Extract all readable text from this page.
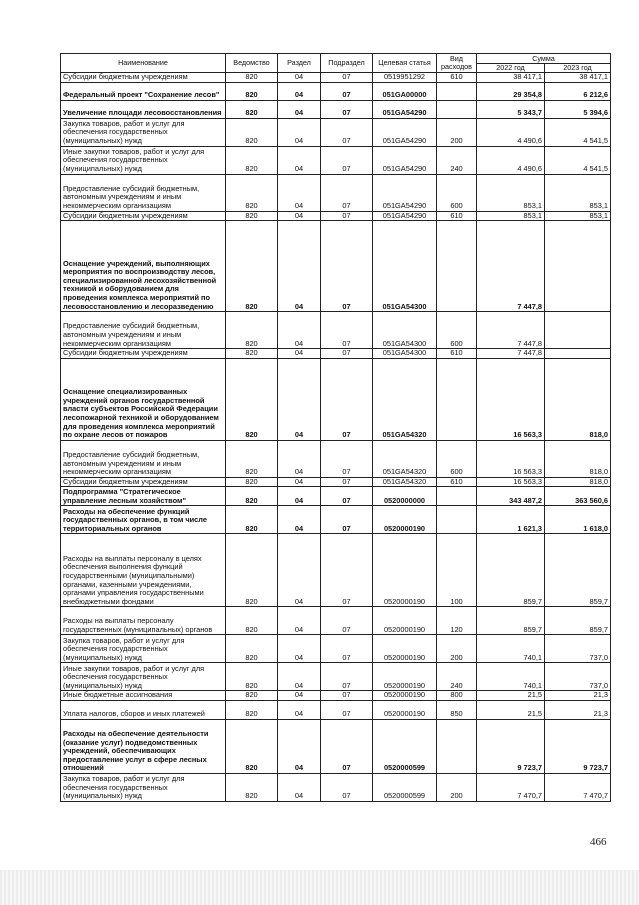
Наименование	Ведомство	Раздел	Подраздел	Целевая статья	Вид расходов	Сумма	
						2022 год	2023 год
Субсидии бюджетным учреждениям	820	04	07	0519951292	610	38 417,1	38 417,1
Федеральный проект "Сохранение лесов"	820	04	07	051GA00000		29 354,8	6 212,6
Увеличение площади лесовосстановления	820	04	07	051GA54290		5 343,7	5 394,6
Закупка товаров, работ и услуг для обеспечения государственных (муниципальных) нужд	820	04	07	051GA54290	200	4 490,6	4 541,5
Иные закупки товаров, работ и услуг для обеспечения государственных (муниципальных) нужд	820	04	07	051GA54290	240	4 490,6	4 541,5
Предоставление субсидий бюджетным, автономным учреждениям и иным некоммерческим организациям	820	04	07	051GA54290	600	853,1	853,1
Субсидии бюджетным учреждениям	820	04	07	051GA54290	610	853,1	853,1
Оснащение учреждений, выполняющих мероприятия по воспроизводству лесов, специализированной лесохозяйственной техникой и оборудованием для проведения комплекса мероприятий по лесовосстановлению и лесоразведению	820	04	07	051GA54300		7 447,8	
Предоставление субсидий бюджетным, автономным учреждениям и иным некоммерческим организациям	820	04	07	051GA54300	600	7 447,8	
Субсидии бюджетным учреждениям	820	04	07	051GA54300	610	7 447,8	
Оснащение специализированных учреждений органов государственной власти субъектов Российской Федерации лесопожарной техникой и оборудованием для проведения комплекса мероприятий по охране лесов от пожаров	820	04	07	051GA54320		16 563,3	818,0
Предоставление субсидий бюджетным, автономным учреждениям и иным некоммерческим организациям	820	04	07	051GA54320	600	16 563,3	818,0
Субсидии бюджетным учреждениям	820	04	07	051GA54320	610	16 563,3	818,0
Подпрограмма "Стратегическое управление лесным хозяйством"	820	04	07	0520000000		343 487,2	363 560,6
Расходы на обеспечение функций государственных органов, в том числе территориальных органов	820	04	07	0520000190		1 621,3	1 618,0
Расходы на выплаты персоналу в целях обеспечения выполнения функций государственными (муниципальными) органами, казенными учреждениями, органами управления государственными внебюджетными фондами	820	04	07	0520000190	100	859,7	859,7
Расходы на выплаты персоналу государственных (муниципальных) органов	820	04	07	0520000190	120	859,7	859,7
Закупка товаров, работ и услуг для обеспечения государственных (муниципальных) нужд	820	04	07	0520000190	200	740,1	737,0
Иные закупки товаров, работ и услуг для обеспечения государственных (муниципальных) нужд	820	04	07	0520000190	240	740,1	737,0
Иные бюджетные ассигнования	820	04	07	0520000190	800	21,5	21,3
Уплата налогов, сборов и иных платежей	820	04	07	0520000190	850	21,5	21,3
Расходы на обеспечение деятельности (оказание услуг) подведомственных учреждений, обеспечивающих предоставление услуг в сфере лесных отношений	820	04	07	0520000599		9 723,7	9 723,7
Закупка товаров, работ и услуг для обеспечения государственных (муниципальных) нужд	820	04	07	0520000599	200	7 470,7	7 470,7
466
